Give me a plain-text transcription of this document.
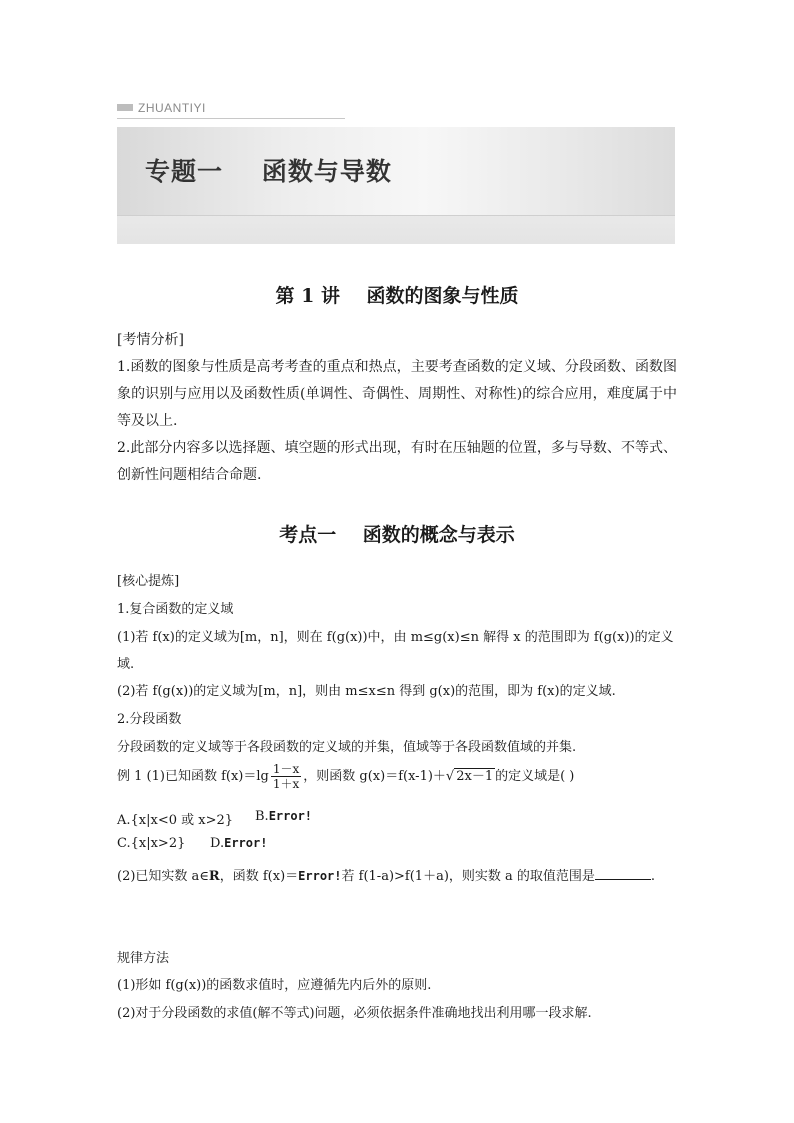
ZHUANTIYI
专题一    函数与导数
第 1 讲    函数的图象与性质
[考情分析]
1.函数的图象与性质是高考考查的重点和热点，主要考查函数的定义域、分段函数、函数图象的识别与应用以及函数性质(单调性、奇偶性、周期性、对称性)的综合应用，难度属于中等及以上.
2.此部分内容多以选择题、填空题的形式出现，有时在压轴题的位置，多与导数、不等式、创新性问题相结合命题.
考点一    函数的概念与表示
[核心提炼]
1.复合函数的定义域
(1)若 f(x)的定义域为[m，n]，则在 f(g(x))中，由 m≤g(x)≤n 解得 x 的范围即为 f(g(x))的定义
域.
(2)若 f(g(x))的定义域为[m，n]，则由 m≤x≤n 得到 g(x)的范围，即为 f(x)的定义域.
2.分段函数
分段函数的定义域等于各段函数的定义域的并集，值域等于各段函数值域的并集.
例 1 (1)已知函数 $f(x)=\lg \frac{1-x}{1+x}$ ，则函数 g(x)＝f(x-1)＋√ 2x－1 的定义域是( )
A.{x|x<0 或 x>2} B.Error!
C.{x|x>2} D.Error!
(2)已知实数 a∈R，函数 f(x)＝Error!若 f(1-a)>f(1＋a)，则实数 a 的取值范围是	.
规律方法
(1)形如 f(g(x))的函数求值时，应遵循先内后外的原则.
(2)对于分段函数的求值(解不等式)问题，必须依据条件准确地找出利用哪一段求解.
